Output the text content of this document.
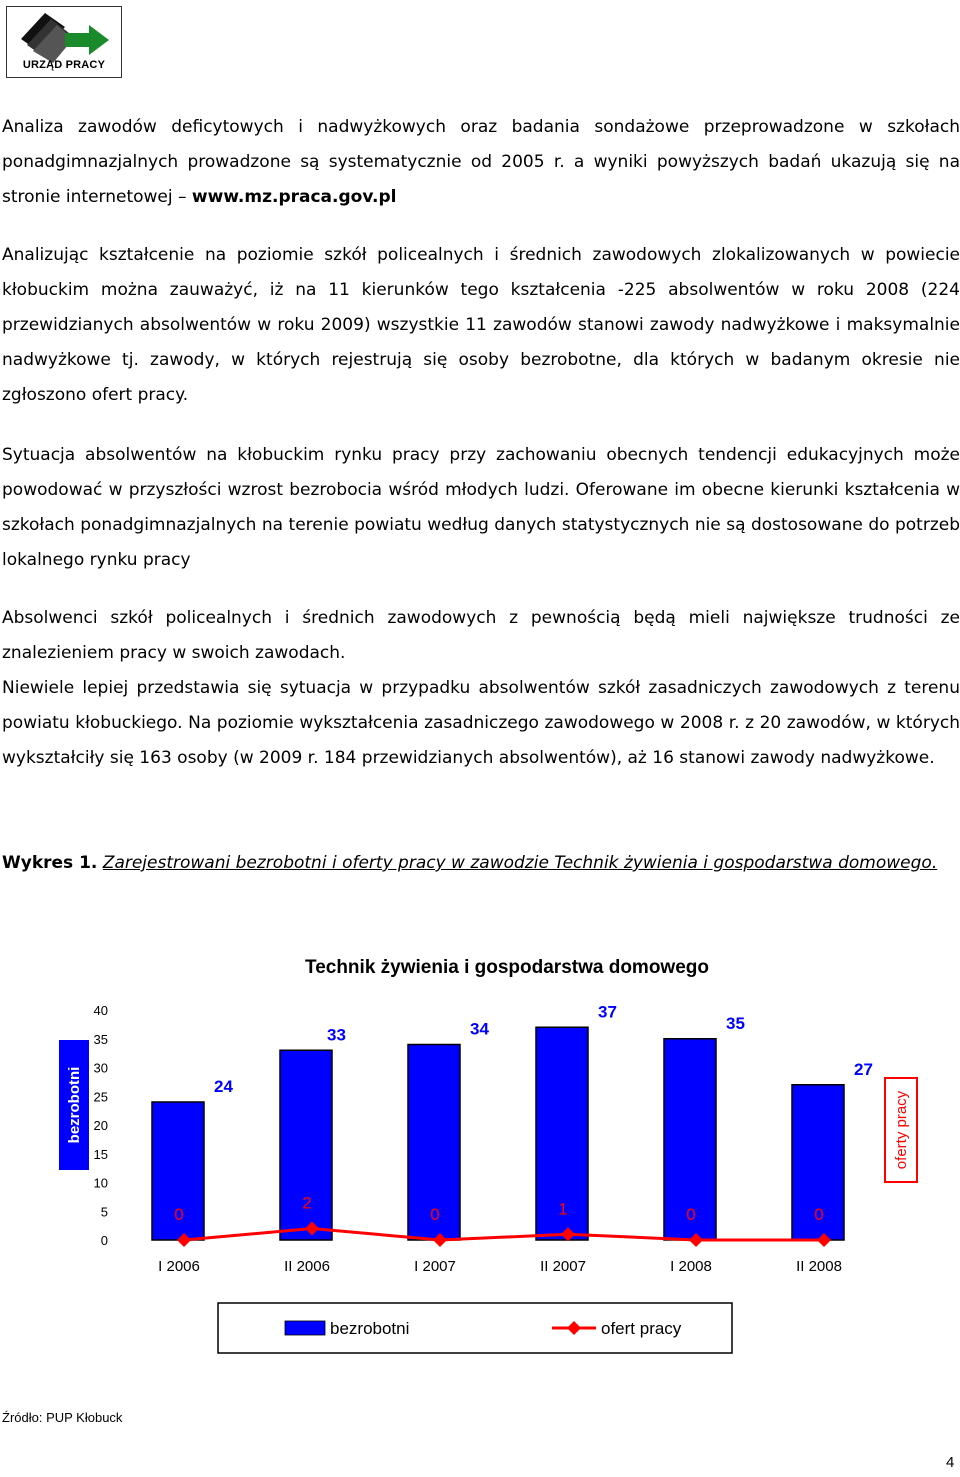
URZĄD PRACY

Analiza zawodów deficytowych i nadwyżkowych oraz badania sondażowe przeprowadzone w szkołach ponadgimnazjalnych prowadzone są systematycznie od 2005 r. a wyniki powyższych badań ukazują się na stronie internetowej – www.mz.praca.gov.pl

Analizując kształcenie na poziomie szkół policealnych i średnich zawodowych zlokalizowanych w powiecie kłobuckim można zauważyć, iż na 11 kierunków tego kształcenia -225 absolwentów w roku 2008 (224 przewidzianych absolwentów w roku 2009) wszystkie 11 zawodów stanowi zawody nadwyżkowe i maksymalnie nadwyżkowe tj. zawody, w których rejestrują się osoby bezrobotne, dla których w badanym okresie nie zgłoszono ofert pracy.

Sytuacja absolwentów na kłobuckim rynku pracy przy zachowaniu obecnych tendencji edukacyjnych może powodować w przyszłości wzrost bezrobocia wśród młodych ludzi. Oferowane im obecne kierunki kształcenia w szkołach ponadgimnazjalnych na terenie powiatu według danych statystycznych nie są dostosowane do potrzeb lokalnego rynku pracy

Absolwenci szkół policealnych i średnich zawodowych z pewnością będą mieli największe trudności ze znalezieniem pracy w swoich zawodach.

Niewiele lepiej przedstawia się sytuacja w przypadku absolwentów szkół zasadniczych zawodowych z terenu powiatu kłobuckiego. Na poziomie wykształcenia zasadniczego zawodowego w 2008 r. z 20 zawodów, w których wykształciły się 163 osoby (w 2009 r. 184 przewidzianych absolwentów), aż 16 stanowi zawody nadwyżkowe.

Wykres 1. Zarejestrowani bezrobotni i oferty pracy w zawodzie Technik żywienia i gospodarstwa domowego.
Technik żywienia i gospodarstwa domowego
bezrobotni	oferty pracy
0
5
10
15
20
25
30
35
40
24
33	34
37
35
27
0
2
0	1	0	0
I 2006	II 2006	I 2007	II 2007	I 2008	II 2008
bezrobotni	ofert pracy
Źródło: PUP Kłobuck
4
